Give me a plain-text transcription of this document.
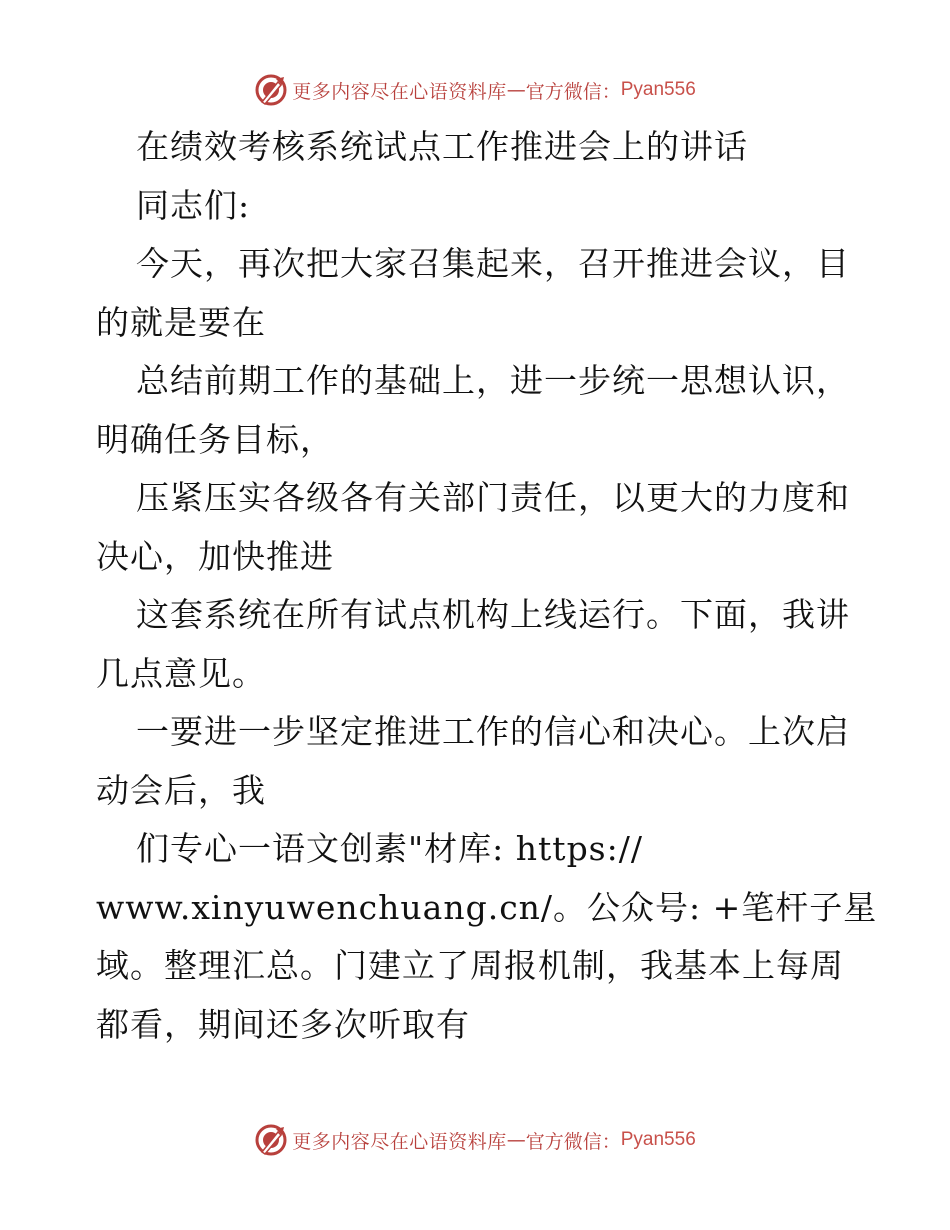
更多内容尽在心语资料库 — 官方微信： Pyan556
在绩效考核系统试点工作推进会上的讲话
同志们:
今天，再次把大家召集起来，召开推进会议，目
的就是要在
总结前期工作的基础上，进一步统一思想认识，
明确任务目标，
压紧压实各级各有关部门责任，以更大的力度和
决心，加快推进
这套系统在所有试点机构上线运行。下面，我讲
几点意见。
一要进一步坚定推进工作的信心和决心。上次启
动会后，我
们专心一语文创素"材库: https://
www.xinyuwenchuang.cn/。公众号: +笔杆子星
域。整理汇总。门建立了周报机制，我基本上每周
都看，期间还多次听取有
更多内容尽在心语资料库 — 官方微信： Pyan556
